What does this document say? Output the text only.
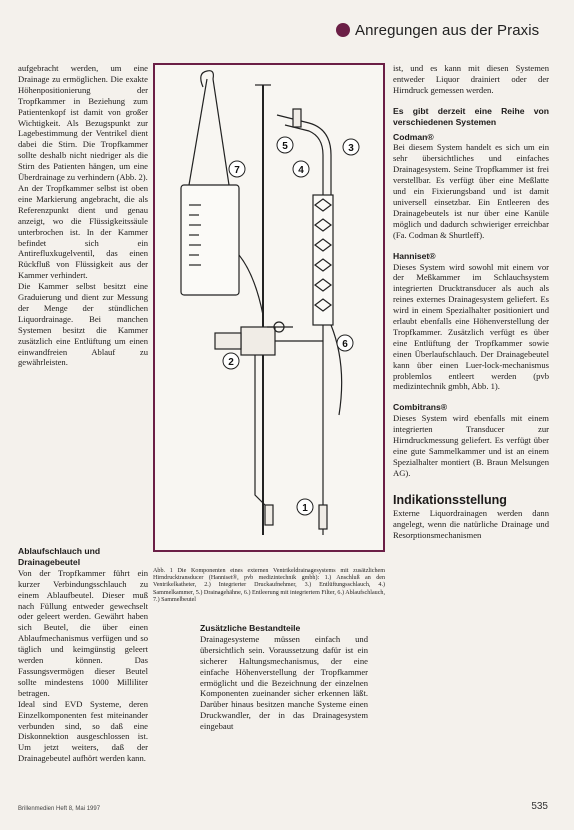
Anregungen aus der Praxis

aufgebracht werden, um eine Drainage zu ermöglichen. Die exakte Höhenpositionierung der Tropfkammer in Beziehung zum Patientenkopf ist damit von großer Wichtigkeit. Als Bezugspunkt zur Lagebestimmung der Ventrikel dient dabei die Stirn. Die Tropfkammer sollte deshalb nicht niedriger als die Stirn des Patienten hängen, um eine Überdrainage zu verhindern (Abb. 2).

An der Tropfkammer selbst ist oben eine Markierung angebracht, die als Referenzpunkt dient und genau anzeigt, wo die Flüssigkeitssäule unterbrochen ist. In der Kammer befindet sich ein Antirefluxkugelventil, das einen Rückfluß von Flüssigkeit aus der Kammer verhindert.

Die Kammer selbst besitzt eine Graduierung und dient zur Messung der Menge der stündlichen Liquordrainage. Bei manchen Systemen besitzt die Kammer zusätzlich eine Entlüftung um einen einwandfreien Ablauf zu gewährleisten.

Ablaufschlauch und

Drainagebeutel

Von der Tropfkammer führt ein kurzer Verbindungsschlauch zu einem Ablaufbeutel. Dieser muß nach Füllung entweder gewechselt oder geleert werden. Gewährt haben sich Beutel, die über einen Ablaufmechanismus verfügen und so täglich und keimgünstig geleert werden können. Das Fassungsvermögen dieser Beutel sollte mindestens 1000 Milliliter betragen.

Ideal sind EVD Systeme, deren Einzelkomponenten fest miteinander verbunden sind, so daß eine Diskonnektion ausgeschlossen ist. Um jetzt weiters, daß der Drainagebeutel aufhört werden kann.

1
2
3
4
5
6
7
Abb. 1 Die Komponenten eines externen Ventrikeldrainagesystems mit zusätzlichem Hirndrucktransducer (Hanniset®, pvb medizintechnik gmbh): 1.) Anschluß an den Ventrikelkatheter, 2.) Integrierter Druckaufnehmer, 3.) Entlüftungsschlauch, 4.) Sammelkammer, 5.) Drainagehähne, 6.) Entleerung mit integriertem Filter, 6.) Ablaufschlauch, 7.) Sammelbeutel

Zusätzliche Bestandteile

Drainagesysteme müssen einfach und übersichtlich sein. Voraussetzung dafür ist ein sicherer Haltungsmechanismus, der eine einfache Höhenverstellung der Tropfkammer ermöglicht und die Bezeichnung der einzelnen Komponenten zueinander sicher erkennen läßt. Darüber hinaus besitzen manche Systeme einen Druckwandler, der in das Drainagesystem eingebaut

ist, und es kann mit diesen Systemen entweder Liquor drainiert oder der Hirndruck gemessen werden.

Es gibt derzeit eine Reihe von verschiedenen Systemen

Codman®

Bei diesem System handelt es sich um ein sehr übersichtliches und einfaches Drainagesystem. Seine Tropfkammer ist frei verstellbar. Es verfügt über eine Meßlatte und ein Fixierungsband und ist damit universell einsetzbar. Ein Entleeren des Drainagebeutels ist nur über eine Kanüle möglich und dadurch schwieriger erreichbar (Fa. Codman & Shurtleff).

Hanniset®

Dieses System wird sowohl mit einem vor der Meßkammer im Schlauchsystem integrierten Drucktransducer als auch als reines externes Drainagesystem geliefert. Es wird in einem Spezialhalter positioniert und erlaubt ebenfalls eine Höhenverstellung der Tropfkammer. Zusätzlich verfügt es über eine Entlüftung der Tropfkammer sowie einen Überlaufschlauch. Der Drainagebeutel kann über einen Luer-lock-mechanismus problemlos entleert werden (pvb medizintechnik gmbh, Abb. 1).

Combitrans®

Dieses System wird ebenfalls mit einem integrierten Transducer zur Hirndruckmessung geliefert. Es verfügt über eine gute Sammelkammer und ist an einem Spezialhalter montiert (B. Braun Melsungen AG).

Indikationsstellung

Externe Liquordrainagen werden dann angelegt, wenn die natürliche Drainage und Resorptionsmechanismen

Brillenmedien Heft 8, Mai 1997	535
